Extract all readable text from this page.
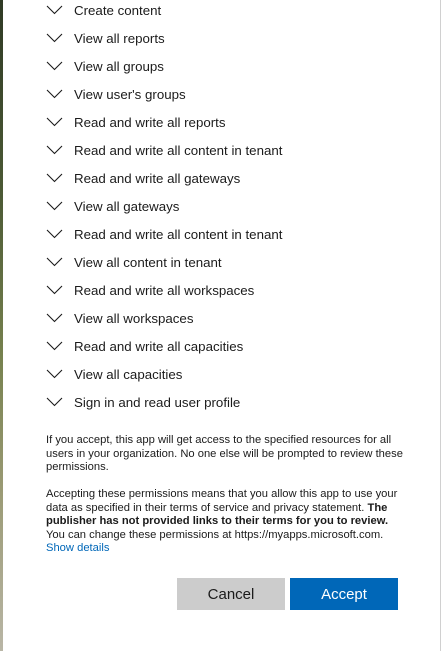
Create content
View all reports
View all groups
View user's groups
Read and write all reports
Read and write all content in tenant
Read and write all gateways
View all gateways
Read and write all content in tenant
View all content in tenant
Read and write all workspaces
View all workspaces
Read and write all capacities
View all capacities
Sign in and read user profile
If you accept, this app will get access to the specified resources for all users in your organization. No one else will be prompted to review these permissions.
Accepting these permissions means that you allow this app to use your data as specified in their terms of service and privacy statement. The publisher has not provided links to their terms for you to review. You can change these permissions at https://myapps.microsoft.com. Show details
Cancel	Accept
